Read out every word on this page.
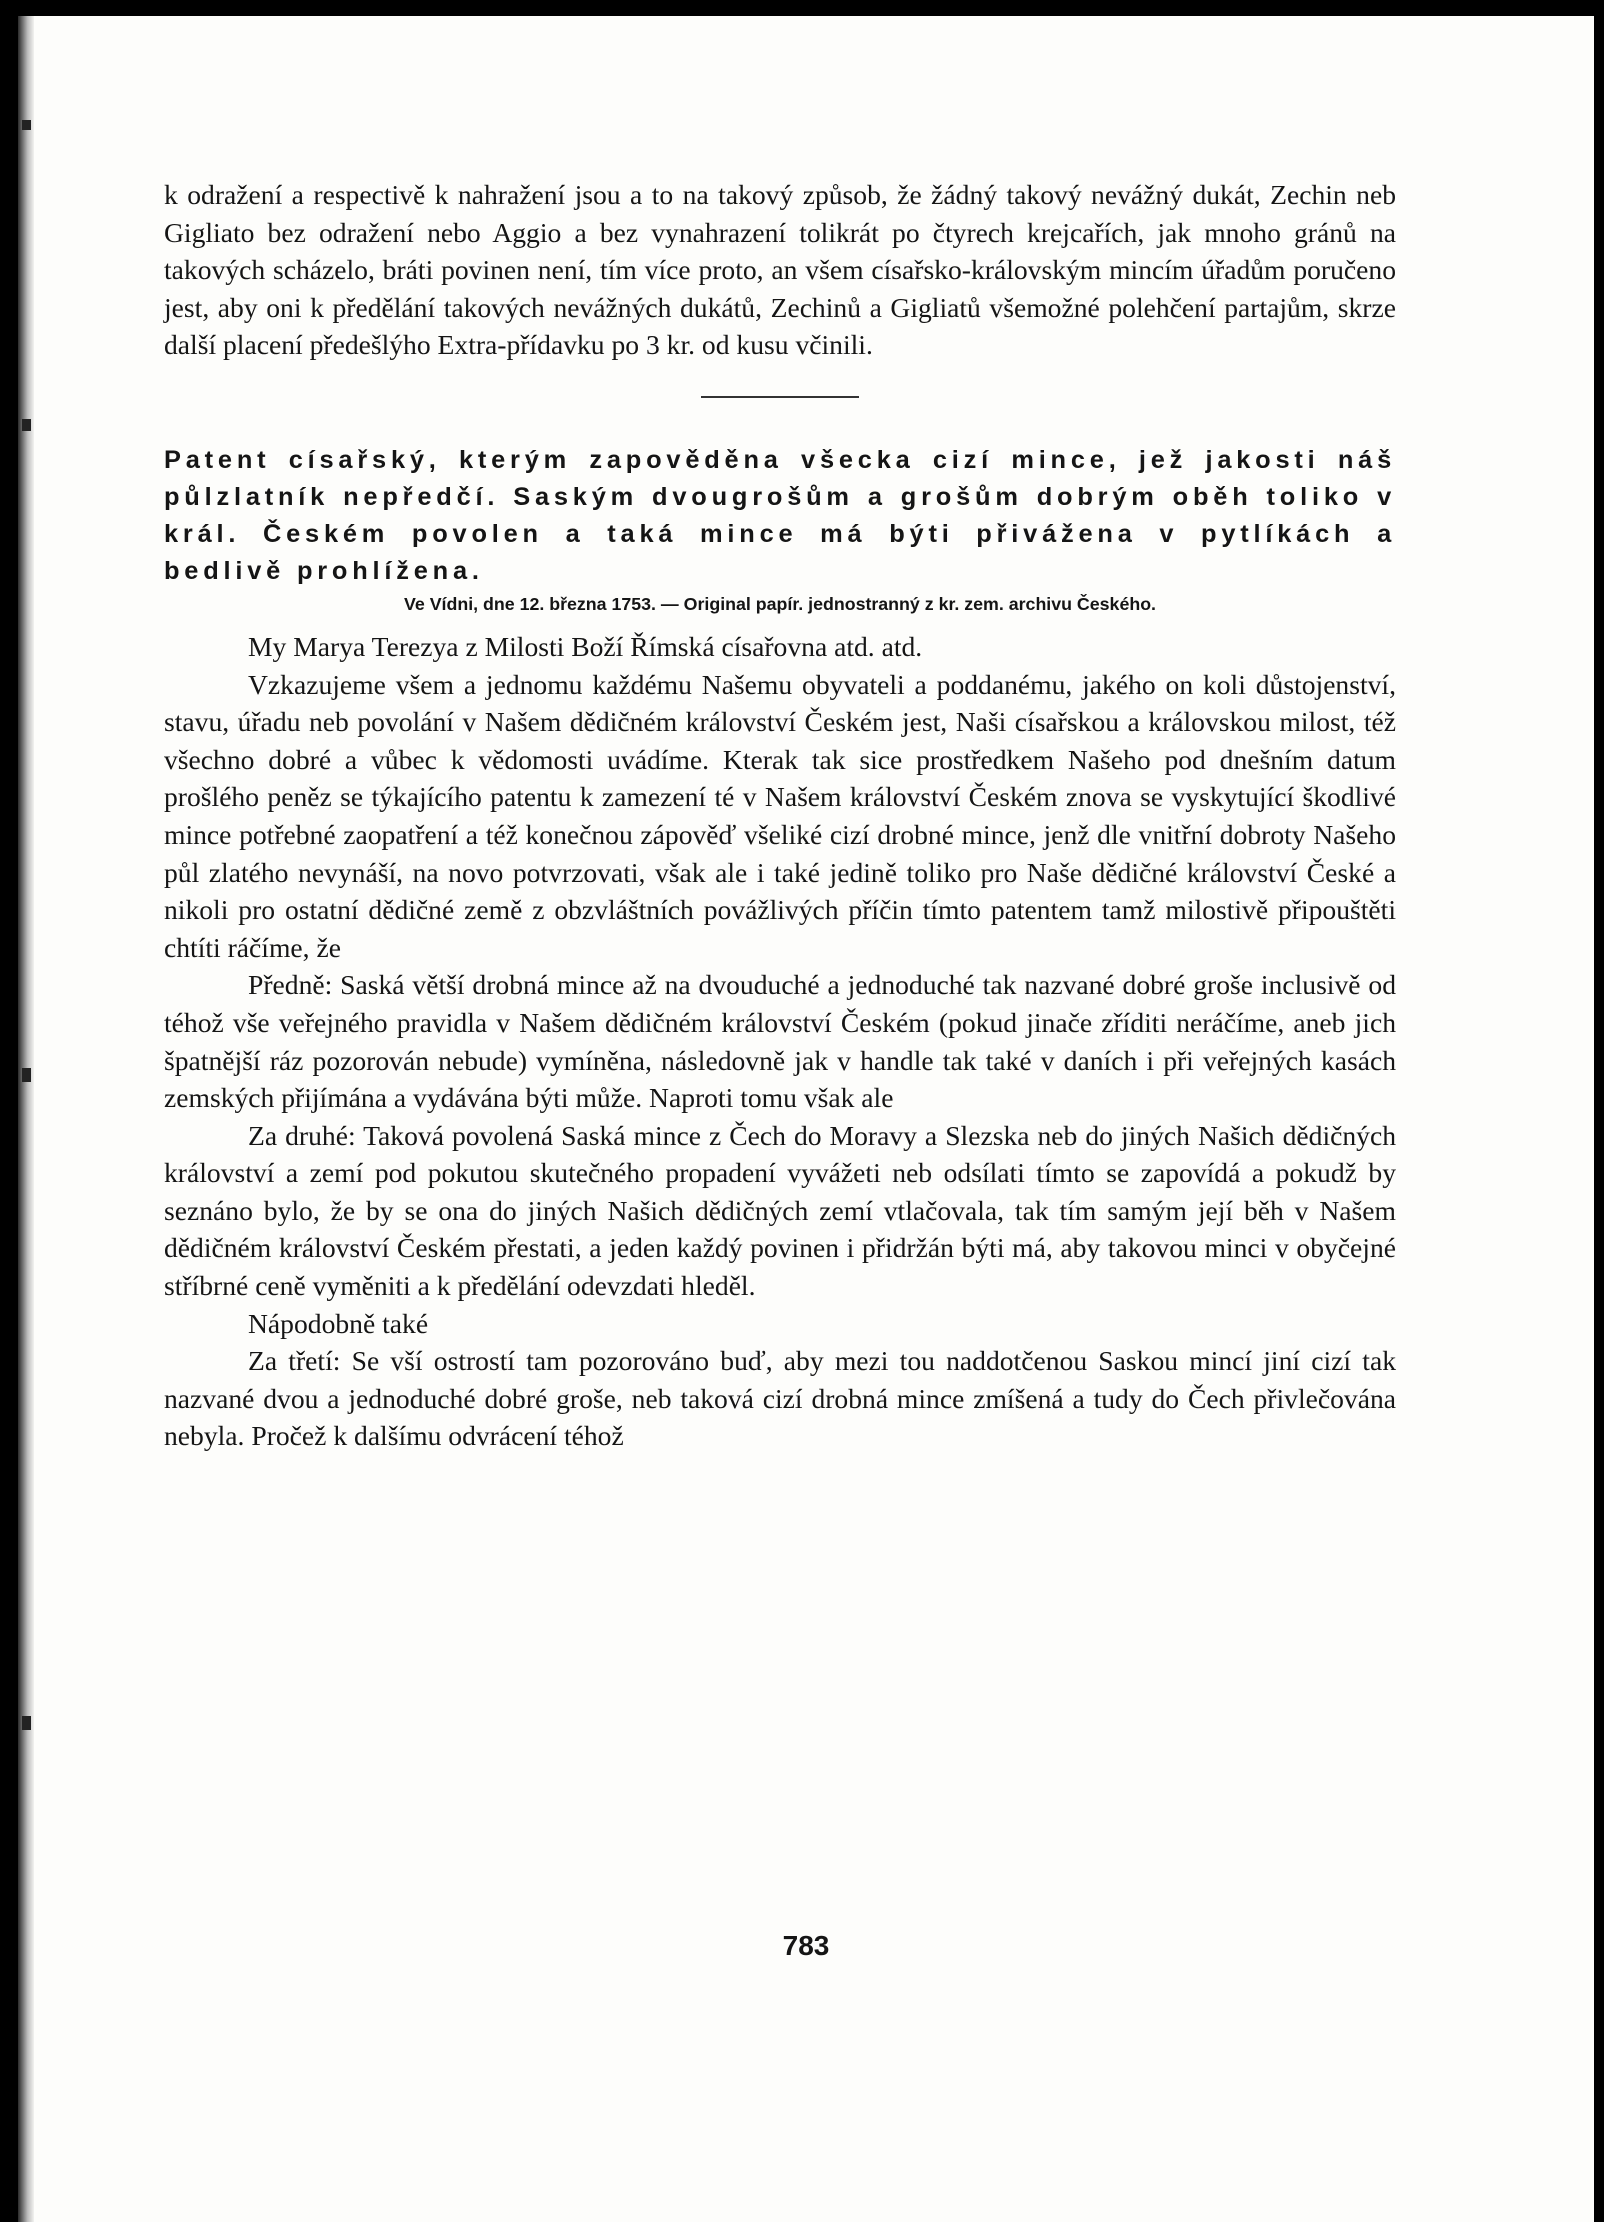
k odražení a respectivě k nahražení jsou a to na takový způsob, že žádný takový nevážný dukát, Zechin neb Gigliato bez odražení nebo Aggio a bez vynahrazení tolikrát po čtyrech krejcařích, jak mnoho gránů na takových scházelo, bráti povinen není, tím více proto, an všem císařsko-královským mincím úřadům poručeno jest, aby oni k předělání takových nevážných dukátů, Zechinů a Gigliatů všemožné polehčení partajům, skrze další placení předešlýho Extra-přídavku po 3 kr. od kusu včinili.

Patent císařský, kterým zapověděna všecka cizí mince, jež jakosti náš půlzlatník nepředčí. Saským dvougrošům a grošům dobrým oběh toliko v král. Českém povolen a taká mince má býti přivážena v pytlíkách a bedlivě prohlížena.

Ve Vídni, dne 12. března 1753. — Original papír. jednostranný z kr. zem. archivu Českého.

My Marya Terezya z Milosti Boží Římská císařovna atd. atd.

Vzkazujeme všem a jednomu každému Našemu obyvateli a poddanému, jakého on koli důstojenství, stavu, úřadu neb povolání v Našem dědičném království Českém jest, Naši císařskou a královskou milost, též všechno dobré a vůbec k vědomosti uvádíme. Kterak tak sice prostředkem Našeho pod dnešním datum prošlého peněz se týkajícího patentu k zamezení té v Našem království Českém znova se vyskytující škodlivé mince potřebné zaopatření a též konečnou zápověď všeliké cizí drobné mince, jenž dle vnitřní dobroty Našeho půl zlatého nevynáší, na novo potvrzovati, však ale i také jedině toliko pro Naše dědičné království České a nikoli pro ostatní dědičné země z obzvláštních povážlivých příčin tímto patentem tamž milostivě připouštěti chtíti ráčíme, že

Předně: Saská větší drobná mince až na dvouduché a jednoduché tak nazvané dobré groše inclusivě od téhož vše veřejného pravidla v Našem dědičném království Českém (pokud jinače zříditi neráčíme, aneb jich špatnější ráz pozorován nebude) vymíněna, následovně jak v handle tak také v daních i při veřejných kasách zemských přijímána a vydávána býti může. Naproti tomu však ale

Za druhé: Taková povolená Saská mince z Čech do Moravy a Slezska neb do jiných Našich dědičných království a zemí pod pokutou skutečného propadení vyvážeti neb odsílati tímto se zapovídá a pokudž by seznáno bylo, že by se ona do jiných Našich dědičných zemí vtlačovala, tak tím samým její běh v Našem dědičném království Českém přestati, a jeden každý povinen i přidržán býti má, aby takovou minci v obyčejné stříbrné ceně vyměniti a k předělání odevzdati hleděl.

Nápodobně také

Za třetí: Se vší ostrostí tam pozorováno buď, aby mezi tou naddotčenou Saskou mincí jiní cizí tak nazvané dvou a jednoduché dobré groše, neb taková cizí drobná mince zmíšená a tudy do Čech přivlečována nebyla. Pročež k dalšímu odvrácení téhož

783
